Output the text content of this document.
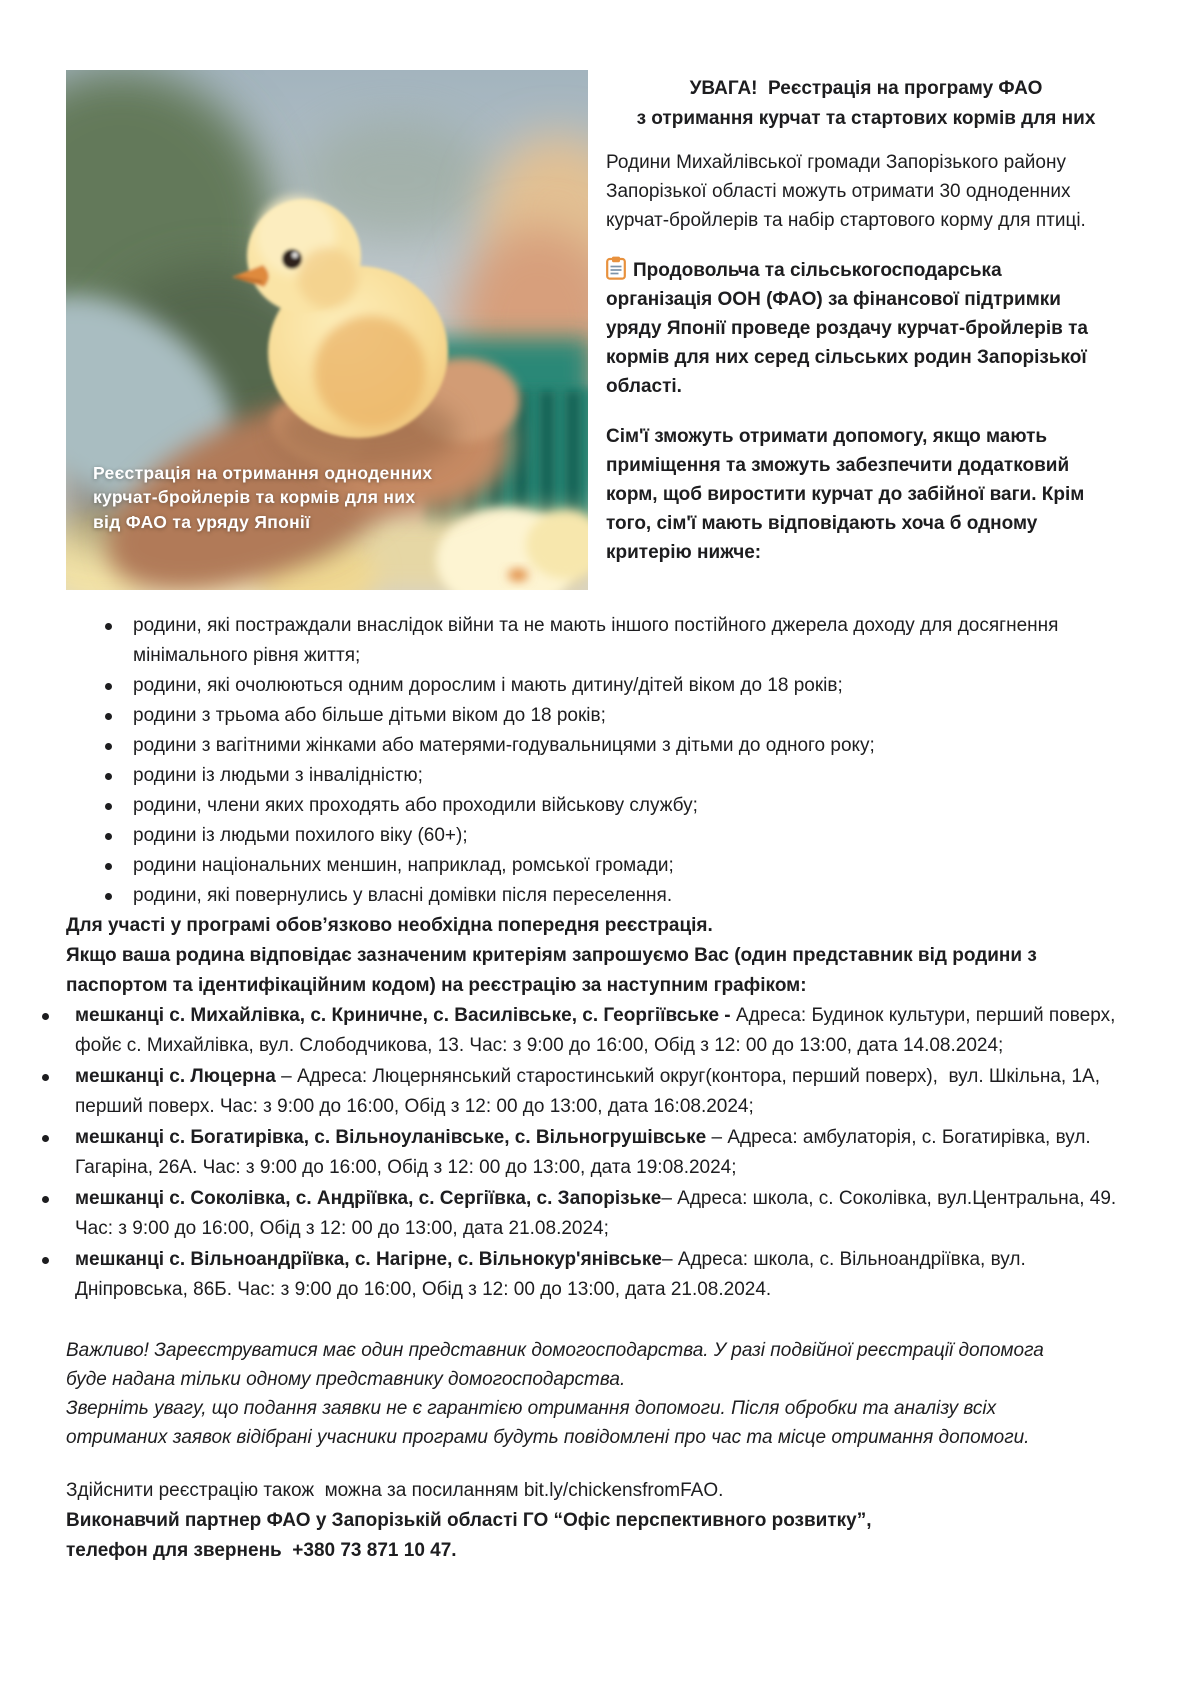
Реєстрація на отримання одноденних
курчат-бройлерів та кормів для них
від ФАО та уряду Японії
УВАГА!  Реєстрація на програму ФАО
з отримання курчат та стартових кормів для них

Родини Михайлівської громади Запорізького району Запорізької області можуть отримати 30 одноденних курчат-бройлерів та набір стартового корму для птиці.

Продовольча та сільськогосподарська організація ООН (ФАО) за фінансової підтримки уряду Японії проведе роздачу курчат-бройлерів та кормів для них серед сільських родин Запорізької області.

Сім'ї зможуть отримати допомогу, якщо мають приміщення та зможуть забезпечити додатковий корм, щоб виростити курчат до забійної ваги. Крім того, сім'ї мають відповідають хоча б одному критерію нижче:

родини, які постраждали внаслідок війни та не мають іншого постійного джерела доходу для досягнення мінімального рівня життя;
родини, які очолюються одним дорослим і мають дитину/дітей віком до 18 років;
родини з трьома або більше дітьми віком до 18 років;
родини з вагітними жінками або матерями-годувальницями з дітьми до одного року;
родини із людьми з інвалідністю;
родини, члени яких проходять або проходили військову службу;
родини із людьми похилого віку (60+);
родини національних меншин, наприклад, ромської громади;
родини, які повернулись у власні домівки після переселення.

Для участі у програмі обов’язково необхідна попередня реєстрація.

Якщо ваша родина відповідає зазначеним критеріям запрошуємо Вас (один представник від родини з паспортом та ідентифікаційним кодом) на реєстрацію за наступним графіком:

мешканці с. Михайлівка, с. Криничне, с. Василівське, с. Георгіївське - Адреса: Будинок культури, перший поверх, фойє с. Михайлівка, вул. Слободчикова, 13. Час: з 9:00 до 16:00, Обід з 12: 00 до 13:00, дата 14.08.2024;
мешканці с. Люцерна – Адреса: Люцернянський старостинський округ(контора, перший поверх),  вул. Шкільна, 1А, перший поверх. Час: з 9:00 до 16:00, Обід з 12: 00 до 13:00, дата 16:08.2024;
мешканці с. Богатирівка, с. Вільноуланівське, с. Вільногрушівське – Адреса: амбулаторія, с. Богатирівка, вул. Гагаріна, 26А. Час: з 9:00 до 16:00, Обід з 12: 00 до 13:00, дата 19:08.2024;
мешканці с. Соколівка, с. Андріївка, с. Сергіївка, с. Запорізьке– Адреса: школа, с. Соколівка, вул.Центральна, 49. Час: з 9:00 до 16:00, Обід з 12: 00 до 13:00, дата 21.08.2024;
мешканці с. Вільноандріївка, с. Нагірне, с. Вільнокур'янівське– Адреса: школа, с. Вільноандріївка, вул. Дніпровська, 86Б. Час: з 9:00 до 16:00, Обід з 12: 00 до 13:00, дата 21.08.2024.

Важливо! Зареєструватися має один представник домогосподарства. У разі подвійної реєстрації допомога буде надана тільки одному представнику домогосподарства.

Зверніть увагу, що подання заявки не є гарантією отримання допомоги. Після обробки та аналізу всіх отриманих заявок відібрані учасники програми будуть повідомлені про час та місце отримання допомоги.

Здійснити реєстрацію також  можна за посиланням bit.ly/chickensfromFAO.
Виконавчий партнер ФАО у Запорізькій області ГО “Офіс перспективного розвитку”,
телефон для звернень  +380 73 871 10 47.
